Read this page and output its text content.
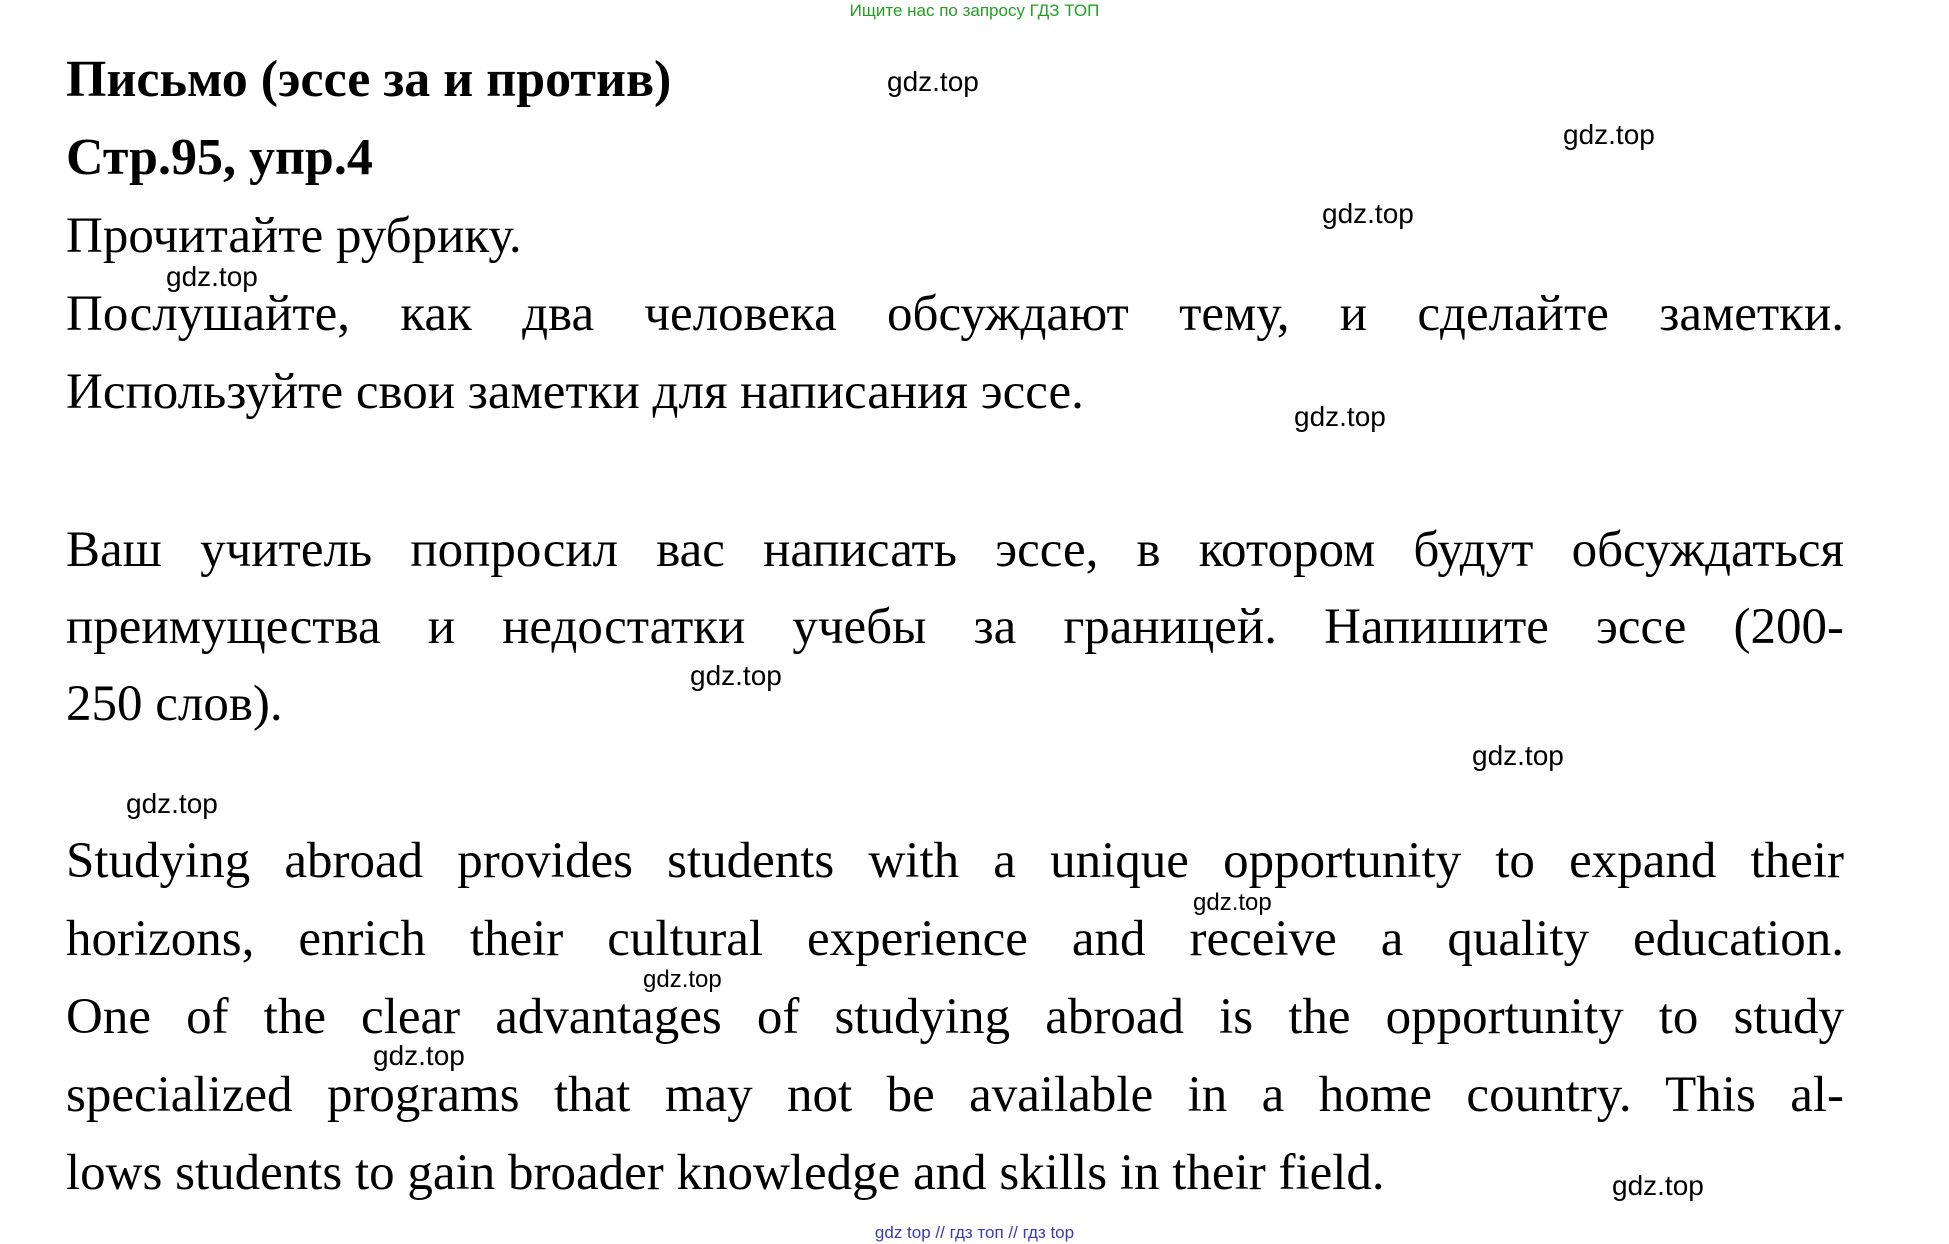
Ищите нас по запросу ГДЗ ТОП
Письмо (эссе за и против)
Стр.95, упр.4
Прочитайте рубрику.
Послушайте, как два человека обсуждают тему, и сделайте заметки.
Используйте свои заметки для написания эссе.
Ваш учитель попросил вас написать эссе, в котором будут обсуждаться
преимущества и недостатки учебы за границей. Напишите эссе (200-
250 слов).
Studying abroad provides students with a unique opportunity to expand their
horizons, enrich their cultural experience and receive a quality education.
One of the clear advantages of studying abroad is the opportunity to study
specialized programs that may not be available in a home country. This al-
lows students to gain broader knowledge and skills in their field.
gdz.top
gdz.top
gdz.top
gdz.top
gdz.top
gdz.top
gdz.top
gdz.top
gdz.top
gdz.top
gdz.top
gdz.top
gdz top // гдз топ // гдз top
